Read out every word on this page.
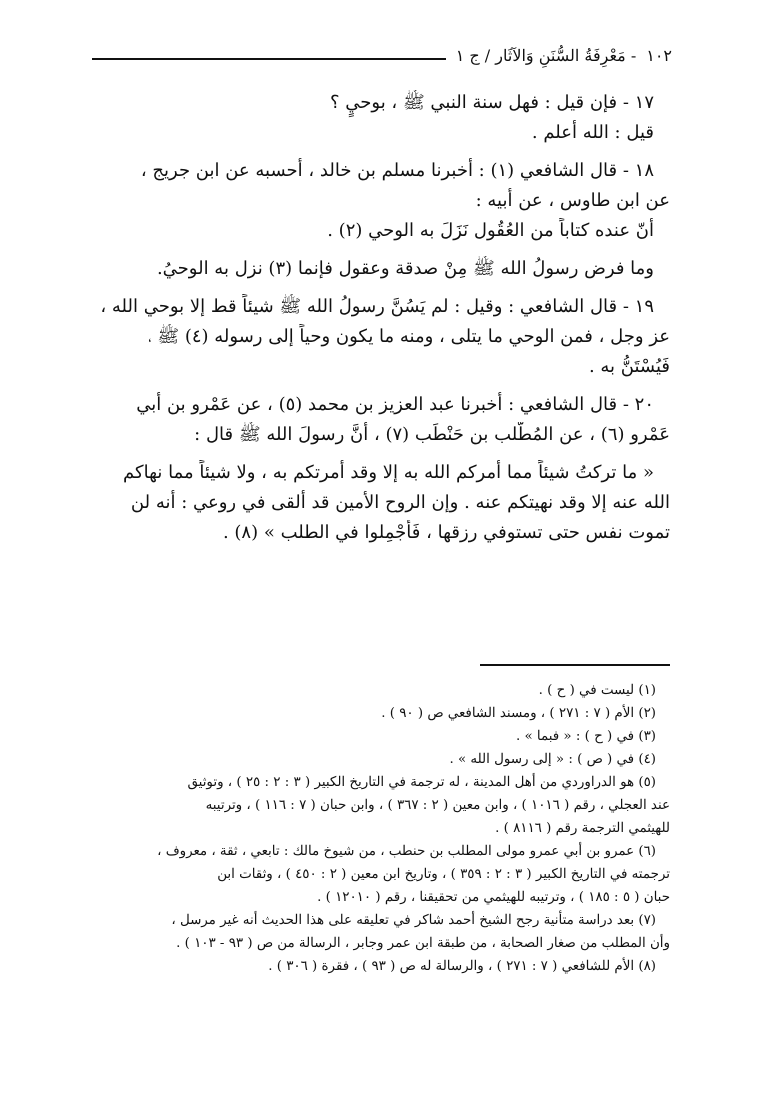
١٠٢
- مَعْرِفَةُ السُّنَنِ وَالآثَار / ج ١

١٧ - فإن قيل : فهل سنة النبي ﷺ ، بوحيٍ ؟

قيل : الله أعلم .

١٨ - قال الشافعي (١) : أخبرنا مسلم بن خالد ، أحسبه عن ابن جريج ،

عن ابن طاوس ، عن أبيه :

أنّ عنده كتاباً من العُقُول نَزَلَ به الوحي (٢) .

وما فرض رسولُ الله ﷺ مِنْ صدقة وعقول فإنما (٣) نزل به الوحيُ.

١٩ - قال الشافعي : وقيل : لم يَسُنَّ رسولُ الله ﷺ شيئاً قط إلا بوحي الله ،

عز وجل ، فمن الوحي ما يتلى ، ومنه ما يكون وحياً إلى رسوله (٤) ﷺ ،

فَيُسْتَنُّ به .

٢٠ - قال الشافعي : أخبرنا عبد العزيز بن محمد (٥) ، عن عَمْرو بن أبي

عَمْرو (٦) ، عن المُطّلب بن حَنْطَب (٧) ، أنَّ رسولَ الله ﷺ قال :

« ما تركتُ شيئاً مما أمركم الله به إلا وقد أمرتكم به ، ولا شيئاً مما نهاكم

الله عنه إلا وقد نهيتكم عنه . وإن الروح الأمين قد ألقى في روعي : أنه لن

تموت نفس حتى تستوفي رزقها ، فَأَجْمِلوا في الطلب » (٨) .

(١) ليست في ( ح ) .

(٢) الأم ( ٧ : ٢٧١ ) ، ومسند الشافعي ص ( ٩٠ ) .

(٣) في ( ح ) : « فبما » .

(٤) في ( ص ) : « إلى رسول الله » .

(٥) هو الدراوردي من أهل المدينة ، له ترجمة في التاريخ الكبير ( ٣ : ٢ : ٢٥ ) ، وتوثيق

عند العجلي ، رقم ( ١٠١٦ ) ، وابن معين ( ٢ : ٣٦٧ ) ، وابن حبان ( ٧ : ١١٦ ) ، وترتيبه

للهيثمي الترجمة رقم ( ٨١١٦ ) .

(٦) عمرو بن أبي عمرو مولى المطلب بن حنطب ، من شيوخ مالك : تابعي ، ثقة ، معروف ،

ترجمته في التاريخ الكبير ( ٣ : ٢ : ٣٥٩ ) ، وتاريخ ابن معين ( ٢ : ٤٥٠ ) ، وثقات ابن

حبان ( ٥ : ١٨٥ ) ، وترتيبه للهيثمي من تحقيقنا ، رقم ( ١٢٠١٠ ) .

(٧) بعد دراسة متأنية رجح الشيخ أحمد شاكر في تعليقه على هذا الحديث أنه غير مرسل ،

وأن المطلب من صغار الصحابة ، من طبقة ابن عمر وجابر ، الرسالة من ص ( ٩٣ - ١٠٣ ) .

(٨) الأم للشافعي ( ٧ : ٢٧١ ) ، والرسالة له ص ( ٩٣ ) ، فقرة ( ٣٠٦ ) .
